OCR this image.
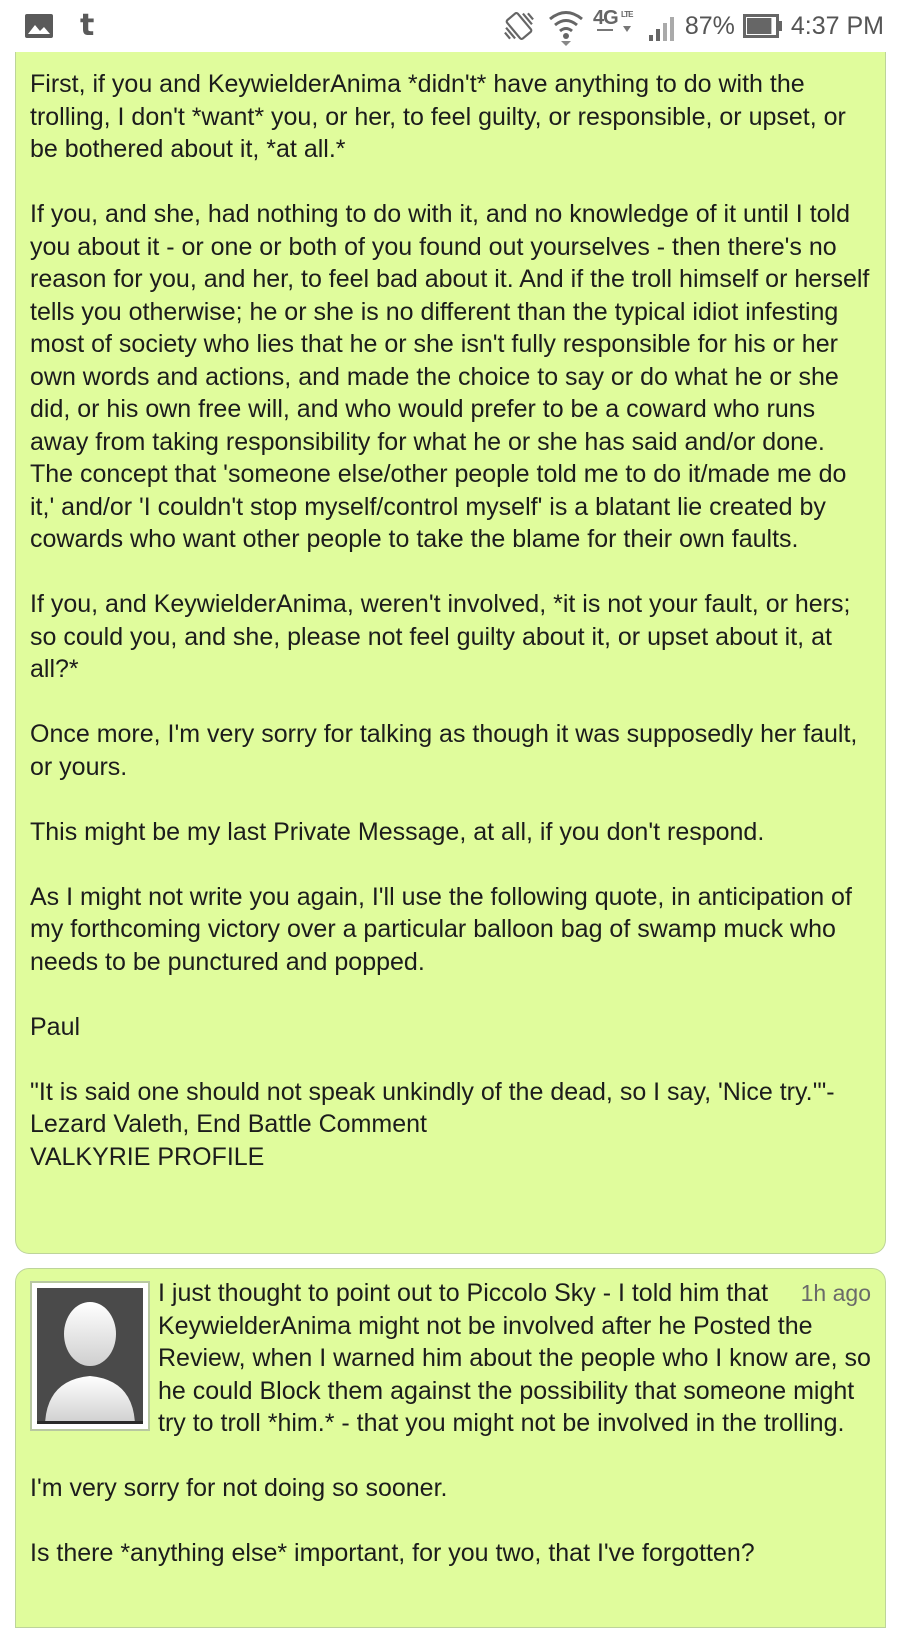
t	4G LTE 87% 4:37 PM

First, if you and KeywielderAnima *didn't* have anything to do with the trolling, I don't *want* you, or her, to feel guilty, or responsible, or upset, or be bothered about it, *at all.*

If you, and she, had nothing to do with it, and no knowledge of it until I told you about it - or one or both of you found out yourselves - then there's no reason for you, and her, to feel bad about it. And if the troll himself or herself tells you otherwise; he or she is no different than the typical idiot infesting most of society who lies that he or she isn't fully responsible for his or her own words and actions, and made the choice to say or do what he or she did, or his own free will, and who would prefer to be a coward who runs away from taking responsibility for what he or she has said and/or done. The concept that 'someone else/other people told me to do it/made me do it,' and/or 'I couldn't stop myself/control myself' is a blatant lie created by cowards who want other people to take the blame for their own faults.

If you, and KeywielderAnima, weren't involved, *it is not your fault, or hers; so could you, and she, please not feel guilty about it, or upset about it, at all?*

Once more, I'm very sorry for talking as though it was supposedly her fault, or yours.

This might be my last Private Message, at all, if you don't respond.

As I might not write you again, I'll use the following quote, in anticipation of my forthcoming victory over a particular balloon bag of swamp muck who needs to be punctured and popped.

Paul

"It is said one should not speak unkindly of the dead, so I say, 'Nice try.'"-Lezard Valeth, End Battle Comment

VALKYRIE PROFILE

1h ago

I just thought to point out to Piccolo Sky - I told him that KeywielderAnima might not be involved after he Posted the Review, when I warned him about the people who I know are, so he could Block them against the possibility that someone might try to troll *him.* - that you might not be involved in the trolling.

I'm very sorry for not doing so sooner.

Is there *anything else* important, for you two, that I've forgotten?
